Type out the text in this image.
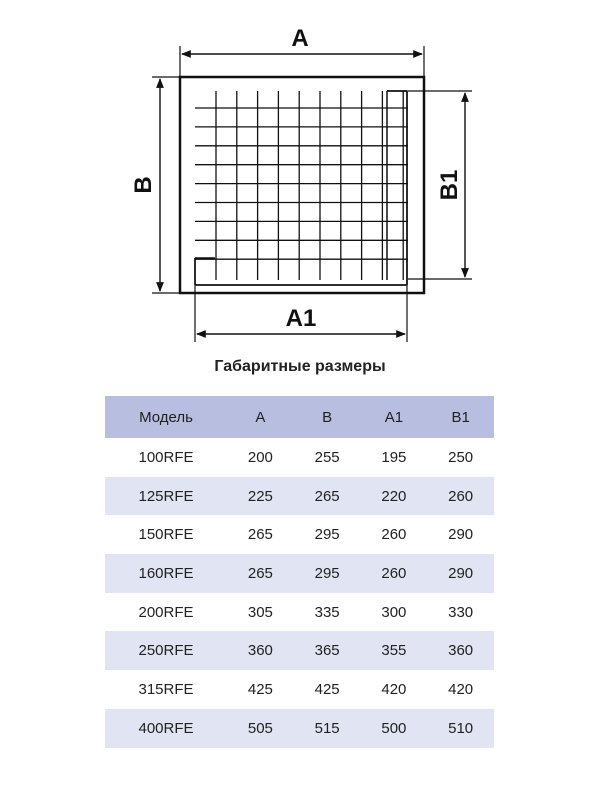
A
B	B1
A1
Габаритные размеры
Модель	A	B	A1	B1
100RFE	200	255	195	250
125RFE	225	265	220	260
150RFE	265	295	260	290
160RFE	265	295	260	290
200RFE	305	335	300	330
250RFE	360	365	355	360
315RFE	425	425	420	420
400RFE	505	515	500	510
